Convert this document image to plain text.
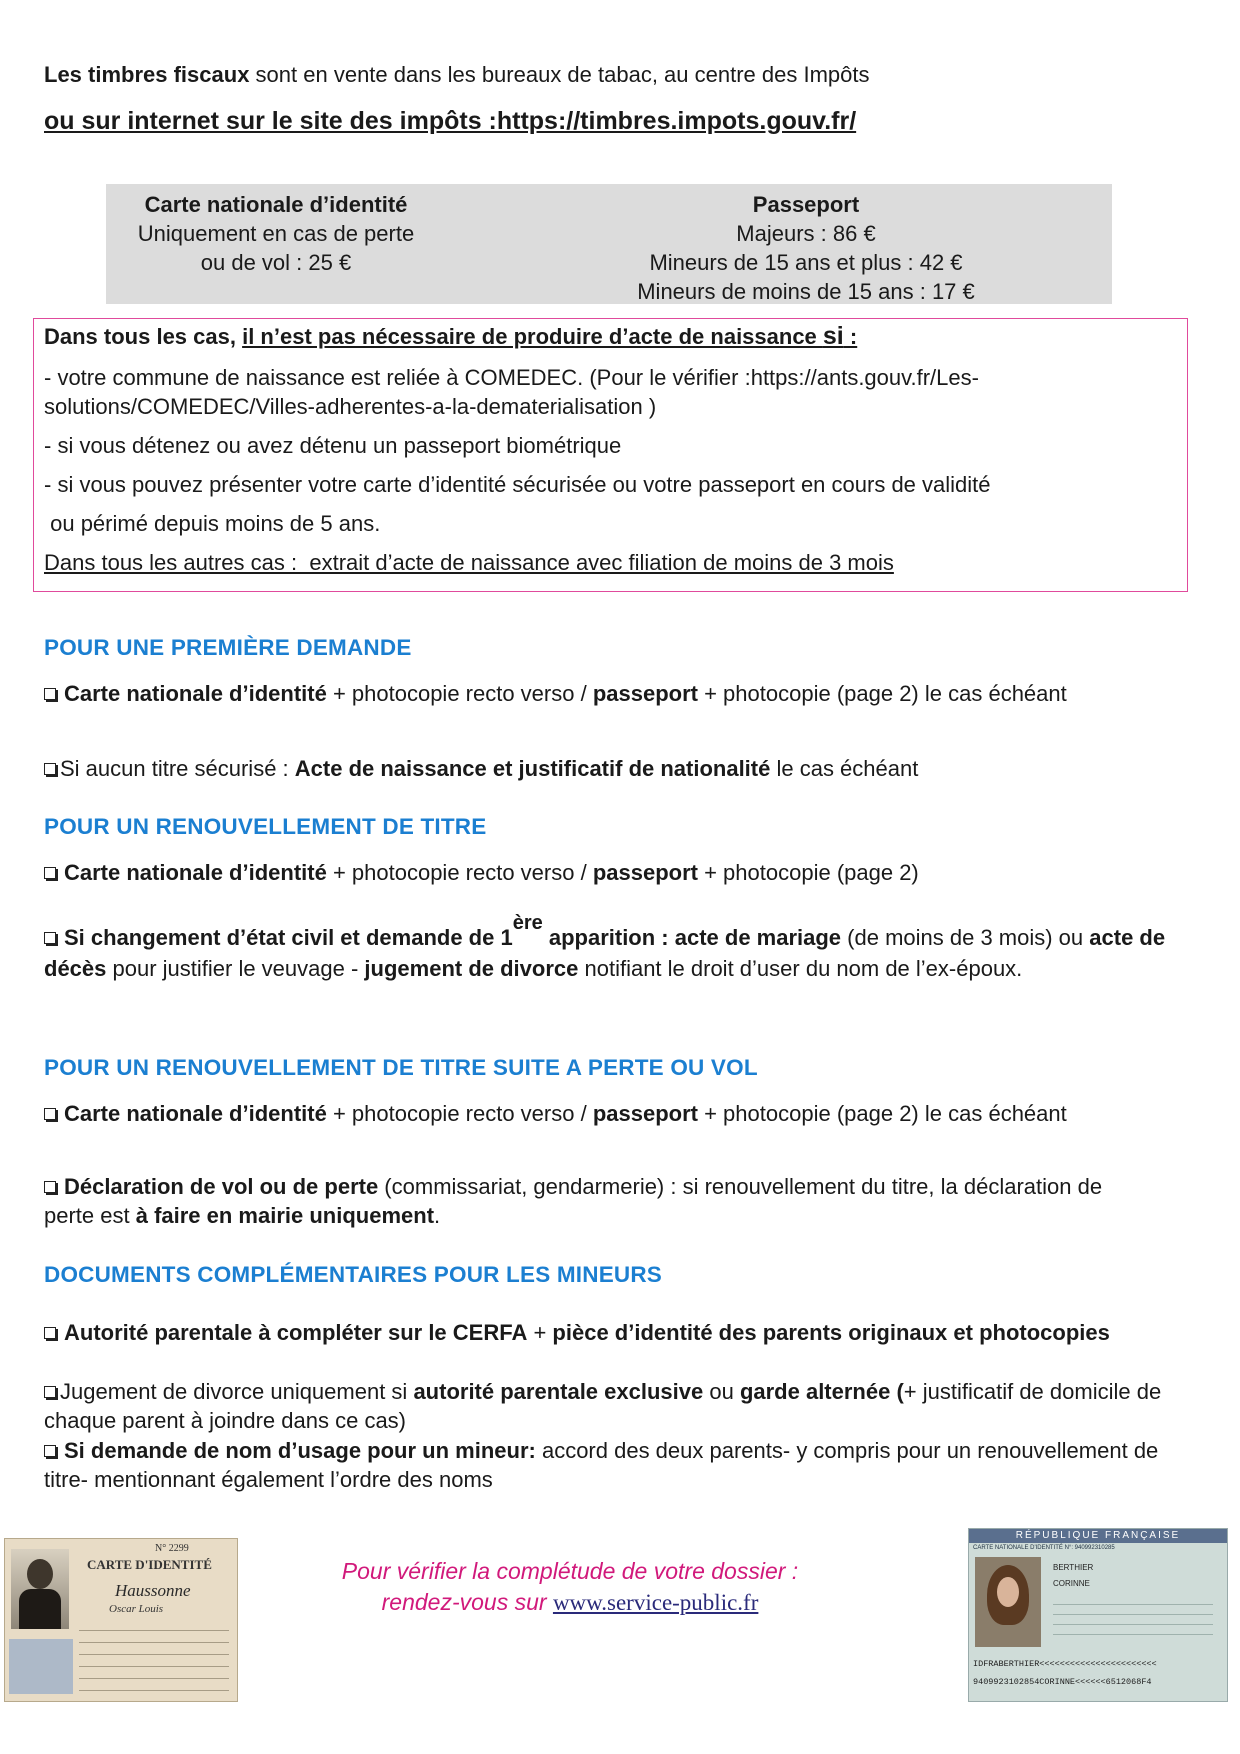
Les timbres fiscaux sont en vente dans les bureaux de tabac, au centre des Impôts

ou sur internet sur le site des impôts :https://timbres.impots.gouv.fr/

Carte nationale d’identité
Uniquement en cas de perte
ou de vol : 25 €
Passeport
Majeurs : 86 €
Mineurs de 15 ans et plus : 42 €
Mineurs de moins de 15 ans : 17 €

Dans tous les cas, il n’est pas nécessaire de produire d’acte de naissance si :

- votre commune de naissance est reliée à COMEDEC. (Pour le vérifier :https://ants.gouv.fr/Les-solutions/COMEDEC/Villes-adherentes-a-la-dematerialisation )

- si vous détenez ou avez détenu un passeport biométrique

- si vous pouvez présenter votre carte d’identité sécurisée ou votre passeport en cours de validité

ou périmé depuis moins de 5 ans.

Dans tous les autres cas :  extrait d’acte de naissance avec filiation de moins de 3 mois

POUR UNE PREMIÈRE DEMANDE

Carte nationale d’identité + photocopie recto verso / passeport + photocopie (page 2) le cas échéant

Si aucun titre sécurisé : Acte de naissance et justificatif de nationalité le cas échéant

POUR UN RENOUVELLEMENT DE TITRE

Carte nationale d’identité + photocopie recto verso / passeport + photocopie (page 2)

Si changement d’état civil et demande de 1ère apparition : acte de mariage (de moins de 3 mois) ou acte de décès pour justifier le veuvage - jugement de divorce notifiant le droit d’user du nom de l’ex-époux.

POUR UN RENOUVELLEMENT DE TITRE SUITE A PERTE OU VOL

Carte nationale d’identité + photocopie recto verso / passeport + photocopie (page 2) le cas échéant

Déclaration de vol ou de perte (commissariat, gendarmerie) : si renouvellement du titre, la déclaration de perte est à faire en mairie uniquement.

DOCUMENTS COMPLÉMENTAIRES POUR LES MINEURS

Autorité parentale à compléter sur le CERFA + pièce d’identité des parents originaux et photocopies

Jugement de divorce uniquement si autorité parentale exclusive ou garde alternée (+ justificatif de domicile de chaque parent à joindre dans ce cas)

Si demande de nom d’usage pour un mineur: accord des deux parents- y compris pour un renouvellement de titre- mentionnant également l’ordre des noms

N° 2299
CARTE D'IDENTITÉ
Haussonne
Oscar Louis
Pour vérifier la complétude de votre dossier :
rendez-vous sur www.service-public.fr
RÉPUBLIQUE FRANÇAISE
CARTE NATIONALE D'IDENTITÉ N°: 940992310285
BERTHIER
CORINNE
IDFRABERTHIER<<<<<<<<<<<<<<<<<<<<<<<
9409923102854CORINNE<<<<<<6512068F4
